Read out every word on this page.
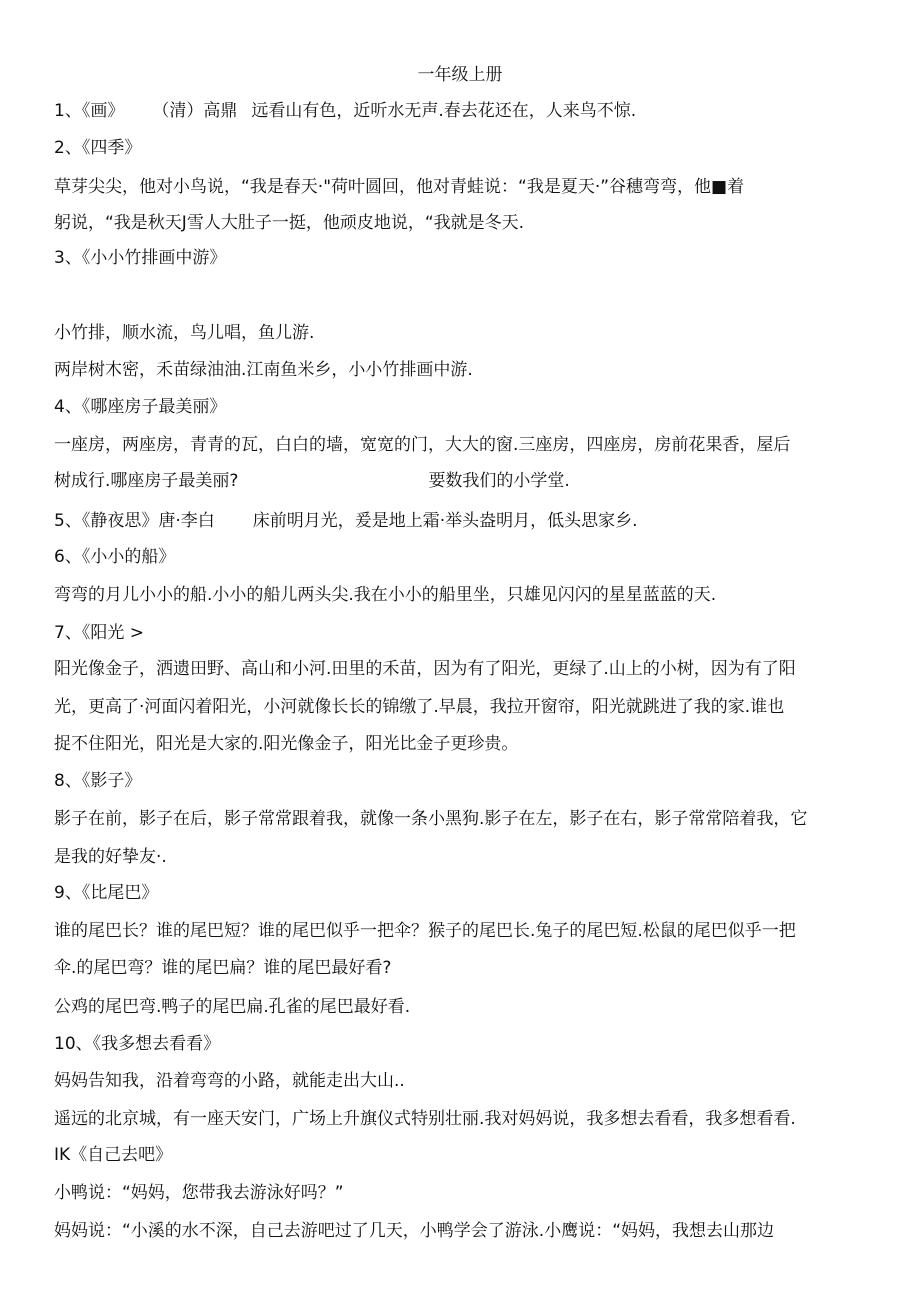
一年级上册
1、《画》 （清）高鼎 远看山有色，近听水无声.春去花还在，人来鸟不惊.
2、《四季》
草芽尖尖，他对小鸟说，“我是春天·"荷叶圆回，他对青蛙说：“我是夏天·”谷穗弯弯，他■着
躬说，“我是秋天J雪人大肚子一挺，他顽皮地说，“我就是冬天.
3、《小小竹排画中游》
小竹排，顺水流，鸟儿唱，鱼儿游.
两岸树木密，禾苗绿油油.江南鱼米乡，小小竹排画中游.
4、《哪座房子最美丽》
一座房，两座房，青青的瓦，白白的墙，宽宽的门，大大的窗.三座房，四座房，房前花果香，屋后
树成行.哪座房子最美丽?	要数我们的小学堂.
5、《静夜思》唐·李白 床前明月光，爰是地上霜·举头盎明月，低头思家乡.
6、《小小的船》
弯弯的月儿小小的船.小小的船儿两头尖.我在小小的船里坐，只雄见闪闪的星星蓝蓝的天.
7、《阳光 >
阳光像金子，洒遗田野、高山和小河.田里的禾苗，因为有了阳光，更绿了.山上的小树，因为有了阳
光，更高了·河面闪着阳光，小河就像长长的锦缴了.早晨，我拉开窗帘，阳光就跳进了我的家.谁也
捉不住阳光，阳光是大家的.阳光像金子，阳光比金子更珍贵。
8、《影子》
影子在前，影子在后，影子常常跟着我，就像一条小黑狗.影子在左，影子在右，影子常常陪着我，它
是我的好挚友·.
9、《比尾巴》
谁的尾巴长？谁的尾巴短？谁的尾巴似乎一把伞？猴子的尾巴长.兔子的尾巴短.松鼠的尾巴似乎一把
伞.的尾巴弯？谁的尾巴扁？谁的尾巴最好看?
公鸡的尾巴弯.鸭子的尾巴扁.孔雀的尾巴最好看.
10、《我多想去看看》
妈妈告知我，沿着弯弯的小路，就能走出大山..
遥远的北京城，有一座天安门，广场上升旗仪式特别壮丽.我对妈妈说，我多想去看看，我多想看看.
IK《自己去吧》
小鸭说：“妈妈，您带我去游泳好吗？”
妈妈说：“小溪的水不深，自己去游吧过了几天，小鸭学会了游泳.小鹰说：“妈妈，我想去山那边
